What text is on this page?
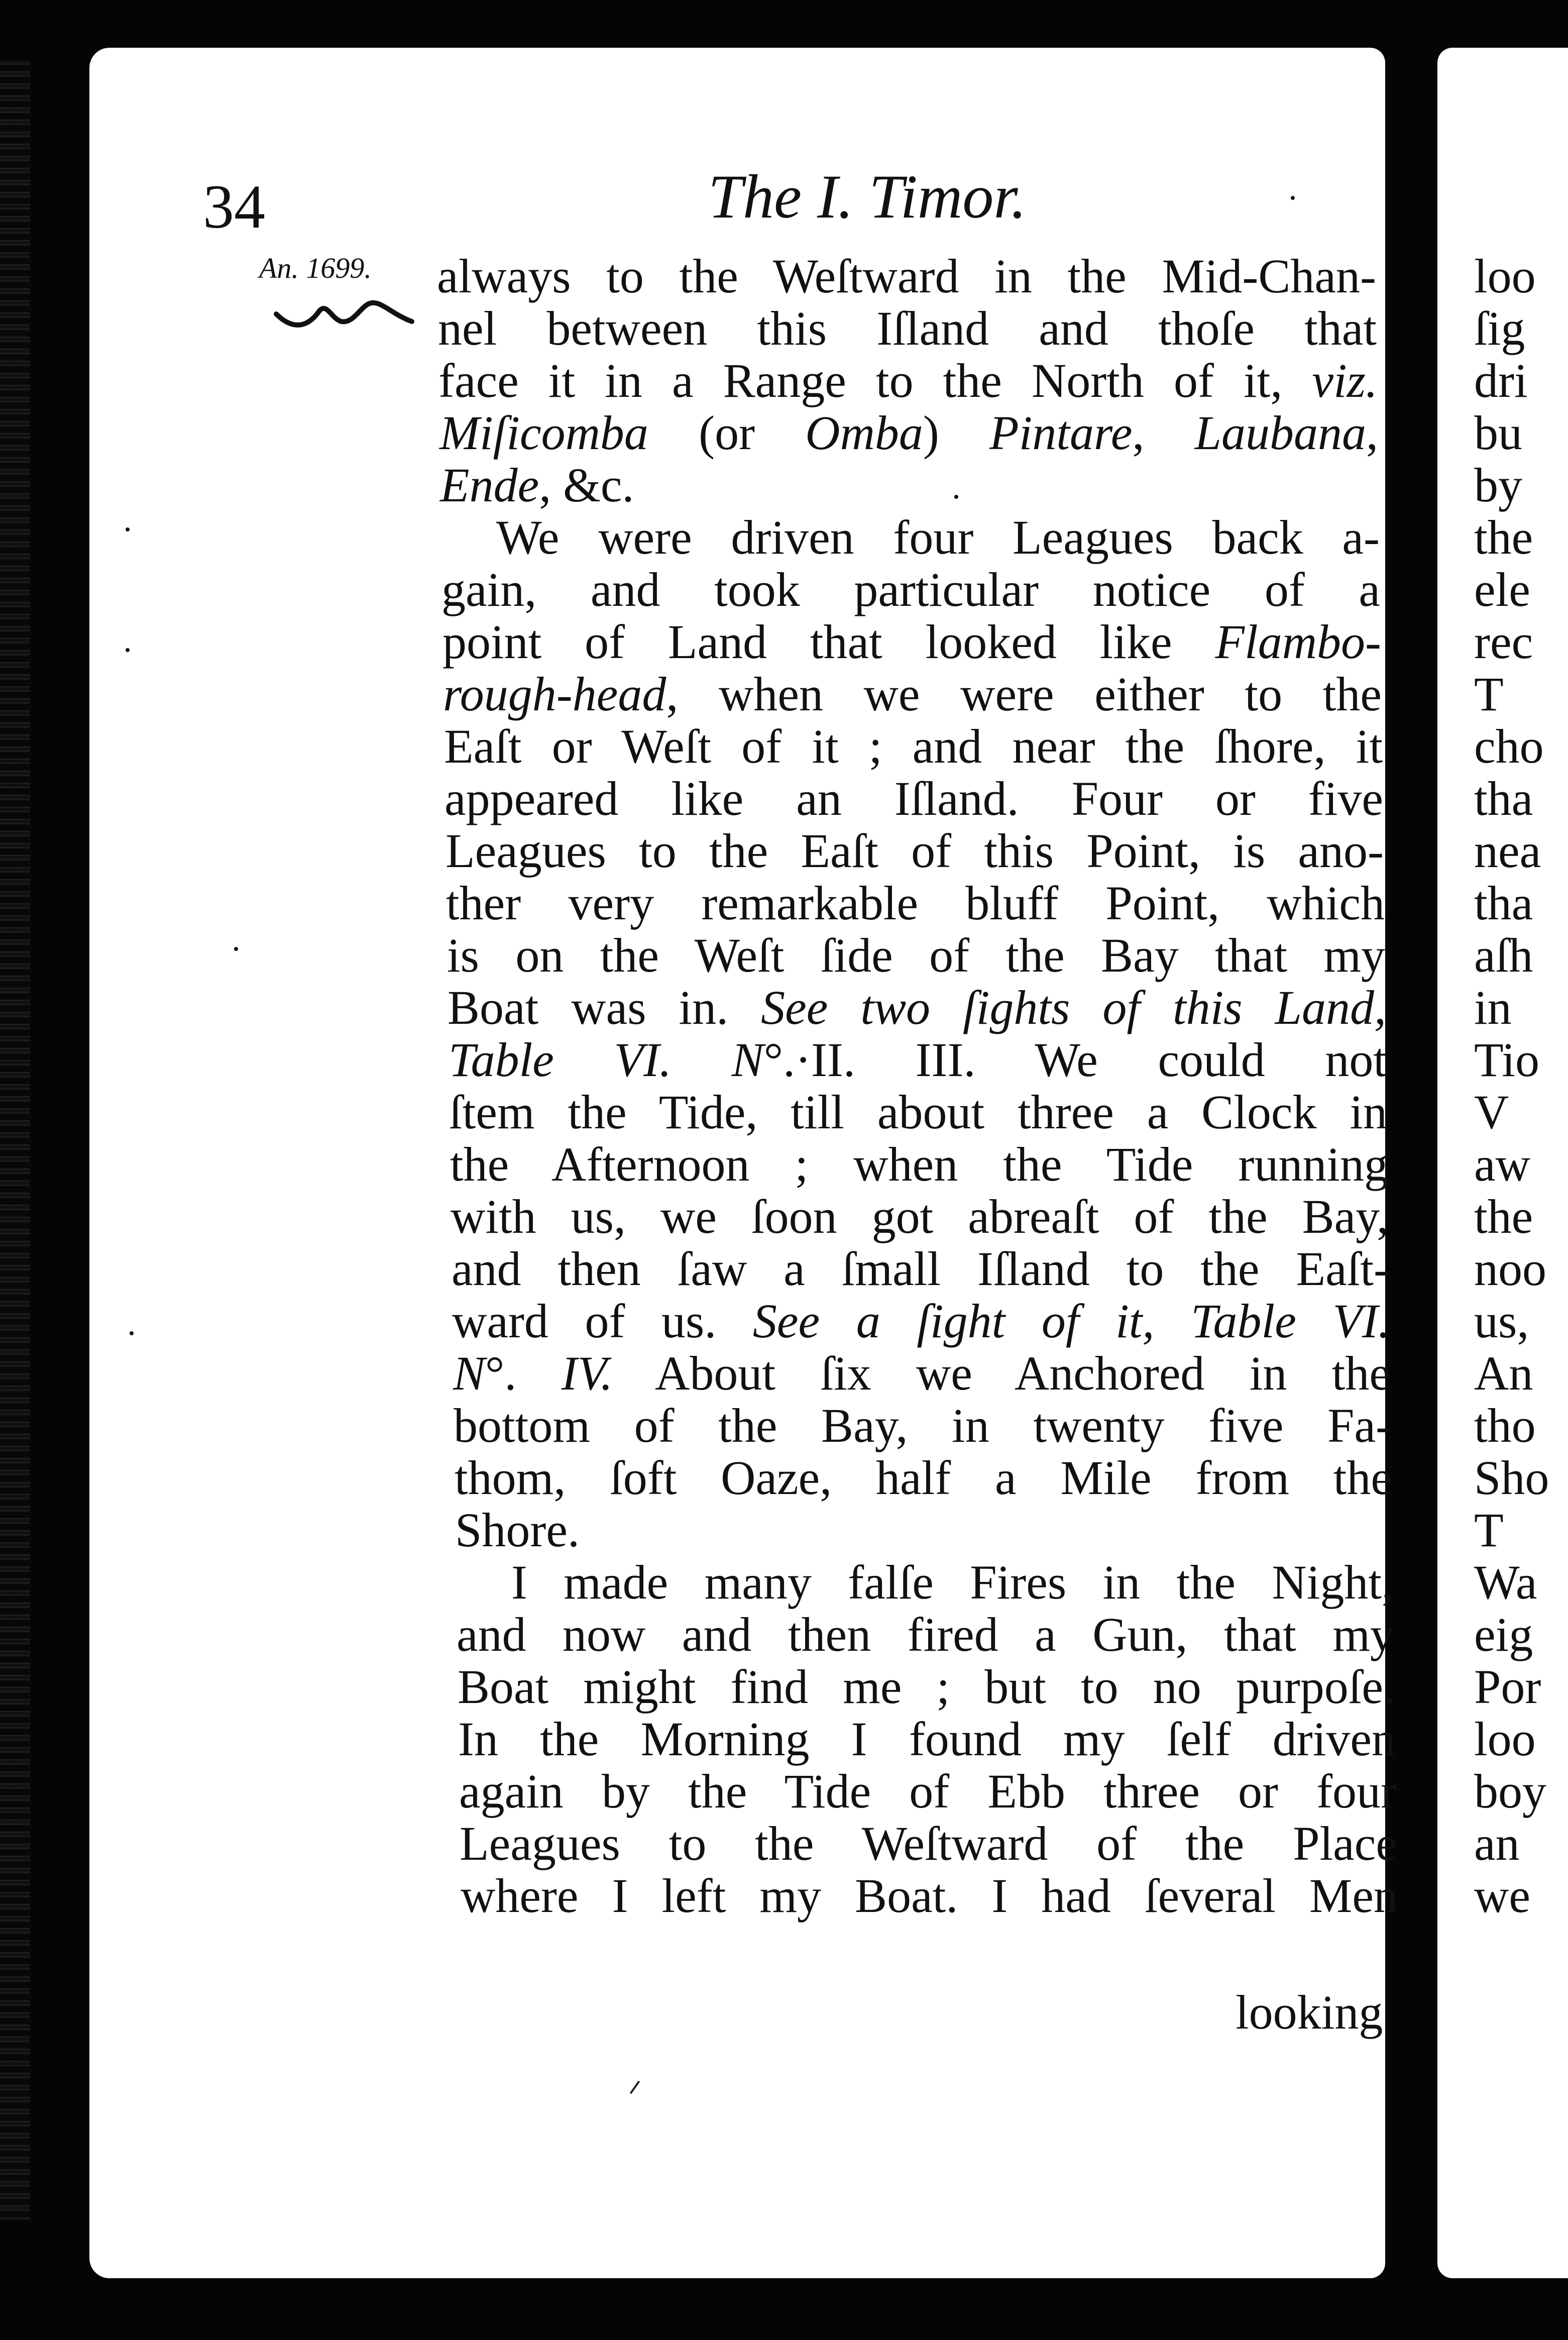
34	The I. Timor.
An. 1699. always to the Weſtward in the Mid-Chan-
nel between this Iſland and thoſe that
face it in a Range to the North of it, viz.
Miſicomba (or Omba) Pintare, Laubana,
Ende, &c.
We were driven four Leagues back a-
gain, and took particular notice of a
point of Land that looked like Flambo-
rough-head, when we were either to the
Eaſt or Weſt of it ; and near the ſhore, it
appeared like an Iſland. Four or five
Leagues to the Eaſt of this Point, is ano-
ther very remarkable bluff Point, which
is on the Weſt ſide of the Bay that my
Boat was in. See two ſights of this Land,
Table VI. N°.·II. III. We could not
ſtem the Tide, till about three a Clock in
the Afternoon ; when the Tide running
with us, we ſoon got abreaſt of the Bay,
and then ſaw a ſmall Iſland to the Eaſt-
ward of us. See a ſight of it, Table VI.
N°. IV. About ſix we Anchored in the
bottom of the Bay, in twenty five Fa-
thom, ſoft Oaze, half a Mile from the
Shore.
I made many falſe Fires in the Night,
and now and then fired a Gun, that my
Boat might find me ; but to no purpoſe.
In the Morning I found my ſelf driven
again by the Tide of Ebb three or four
Leagues to the Weſtward of the Place
where I left my Boat. I had ſeveral Men
looking
loo
ſig
dri
bu
by
the
ele
rec
T
cho
tha
nea
tha
aſh
in
Tio
V
aw
the
noo
us,
An
tho
Sho
T
Wa
eig
Por
loo
boy
an
we
